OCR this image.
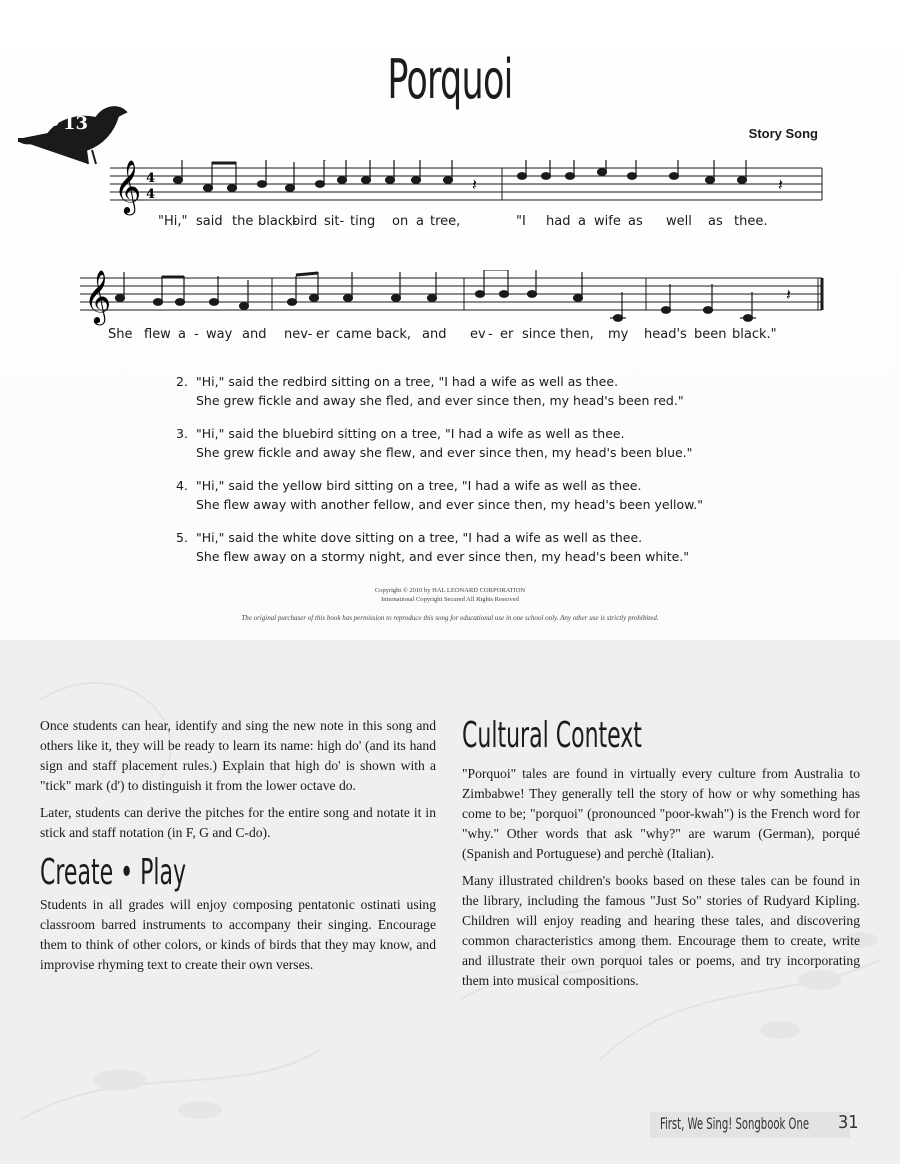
Porquoi
CD 13	Story Song
𝄞 4
4
𝄽	𝄽
"Hi," said the black-
bird sit- ting on a tree,	"I had a wife as well as thee.
𝄞	𝄽
She flew a - way and nev- er came back, and ev - er since then, my head's been black."
2. "Hi," said the redbird sitting on a tree, "I had a wife as well as thee.
She grew fickle and away she fled, and ever since then, my head's been red."
3. "Hi," said the bluebird sitting on a tree, "I had a wife as well as thee.
She grew fickle and away she flew, and ever since then, my head's been blue."
4. "Hi," said the yellow bird sitting on a tree, "I had a wife as well as thee.
She flew away with another fellow, and ever since then, my head's been yellow."
5. "Hi," said the white dove sitting on a tree, "I had a wife as well as thee.
She flew away on a stormy night, and ever since then, my head's been white."
Copyright © 2010 by HAL LEONARD CORPORATION
International Copyright Secured All Rights Reserved
The original purchaser of this book has permission to reproduce this song for educational use in one school only. Any other use is strictly prohibited.

Once students can hear, identify and sing the new note in this song and others like it, they will be ready to learn its name: high do' (and its hand sign and staff placement rules.) Explain that high do' is shown with a "tick" mark (d') to distinguish it from the lower octave do.

Later, students can derive the pitches for the entire song and notate it in stick and staff notation (in F, G and C-do).

Create • Play

Students in all grades will enjoy composing pentatonic ostinati using classroom barred instruments to accompany their singing. Encourage them to think of other colors, or kinds of birds that they may know, and improvise rhyming text to create their own verses.

Cultural Context

"Porquoi" tales are found in virtually every culture from Australia to Zimbabwe! They generally tell the story of how or why something has come to be; "porquoi" (pronounced "poor-kwah") is the French word for "why." Other words that ask "why?" are warum (German), porqué (Spanish and Portuguese) and perchè (Italian).

Many illustrated children's books based on these tales can be found in the library, including the famous "Just So" stories of Rudyard Kipling. Children will enjoy reading and hearing these tales, and discovering common characteristics among them. Encourage them to create, write and illustrate their own porquoi tales or poems, and try incorporating them into musical compositions.

First, We Sing! Songbook One 31
